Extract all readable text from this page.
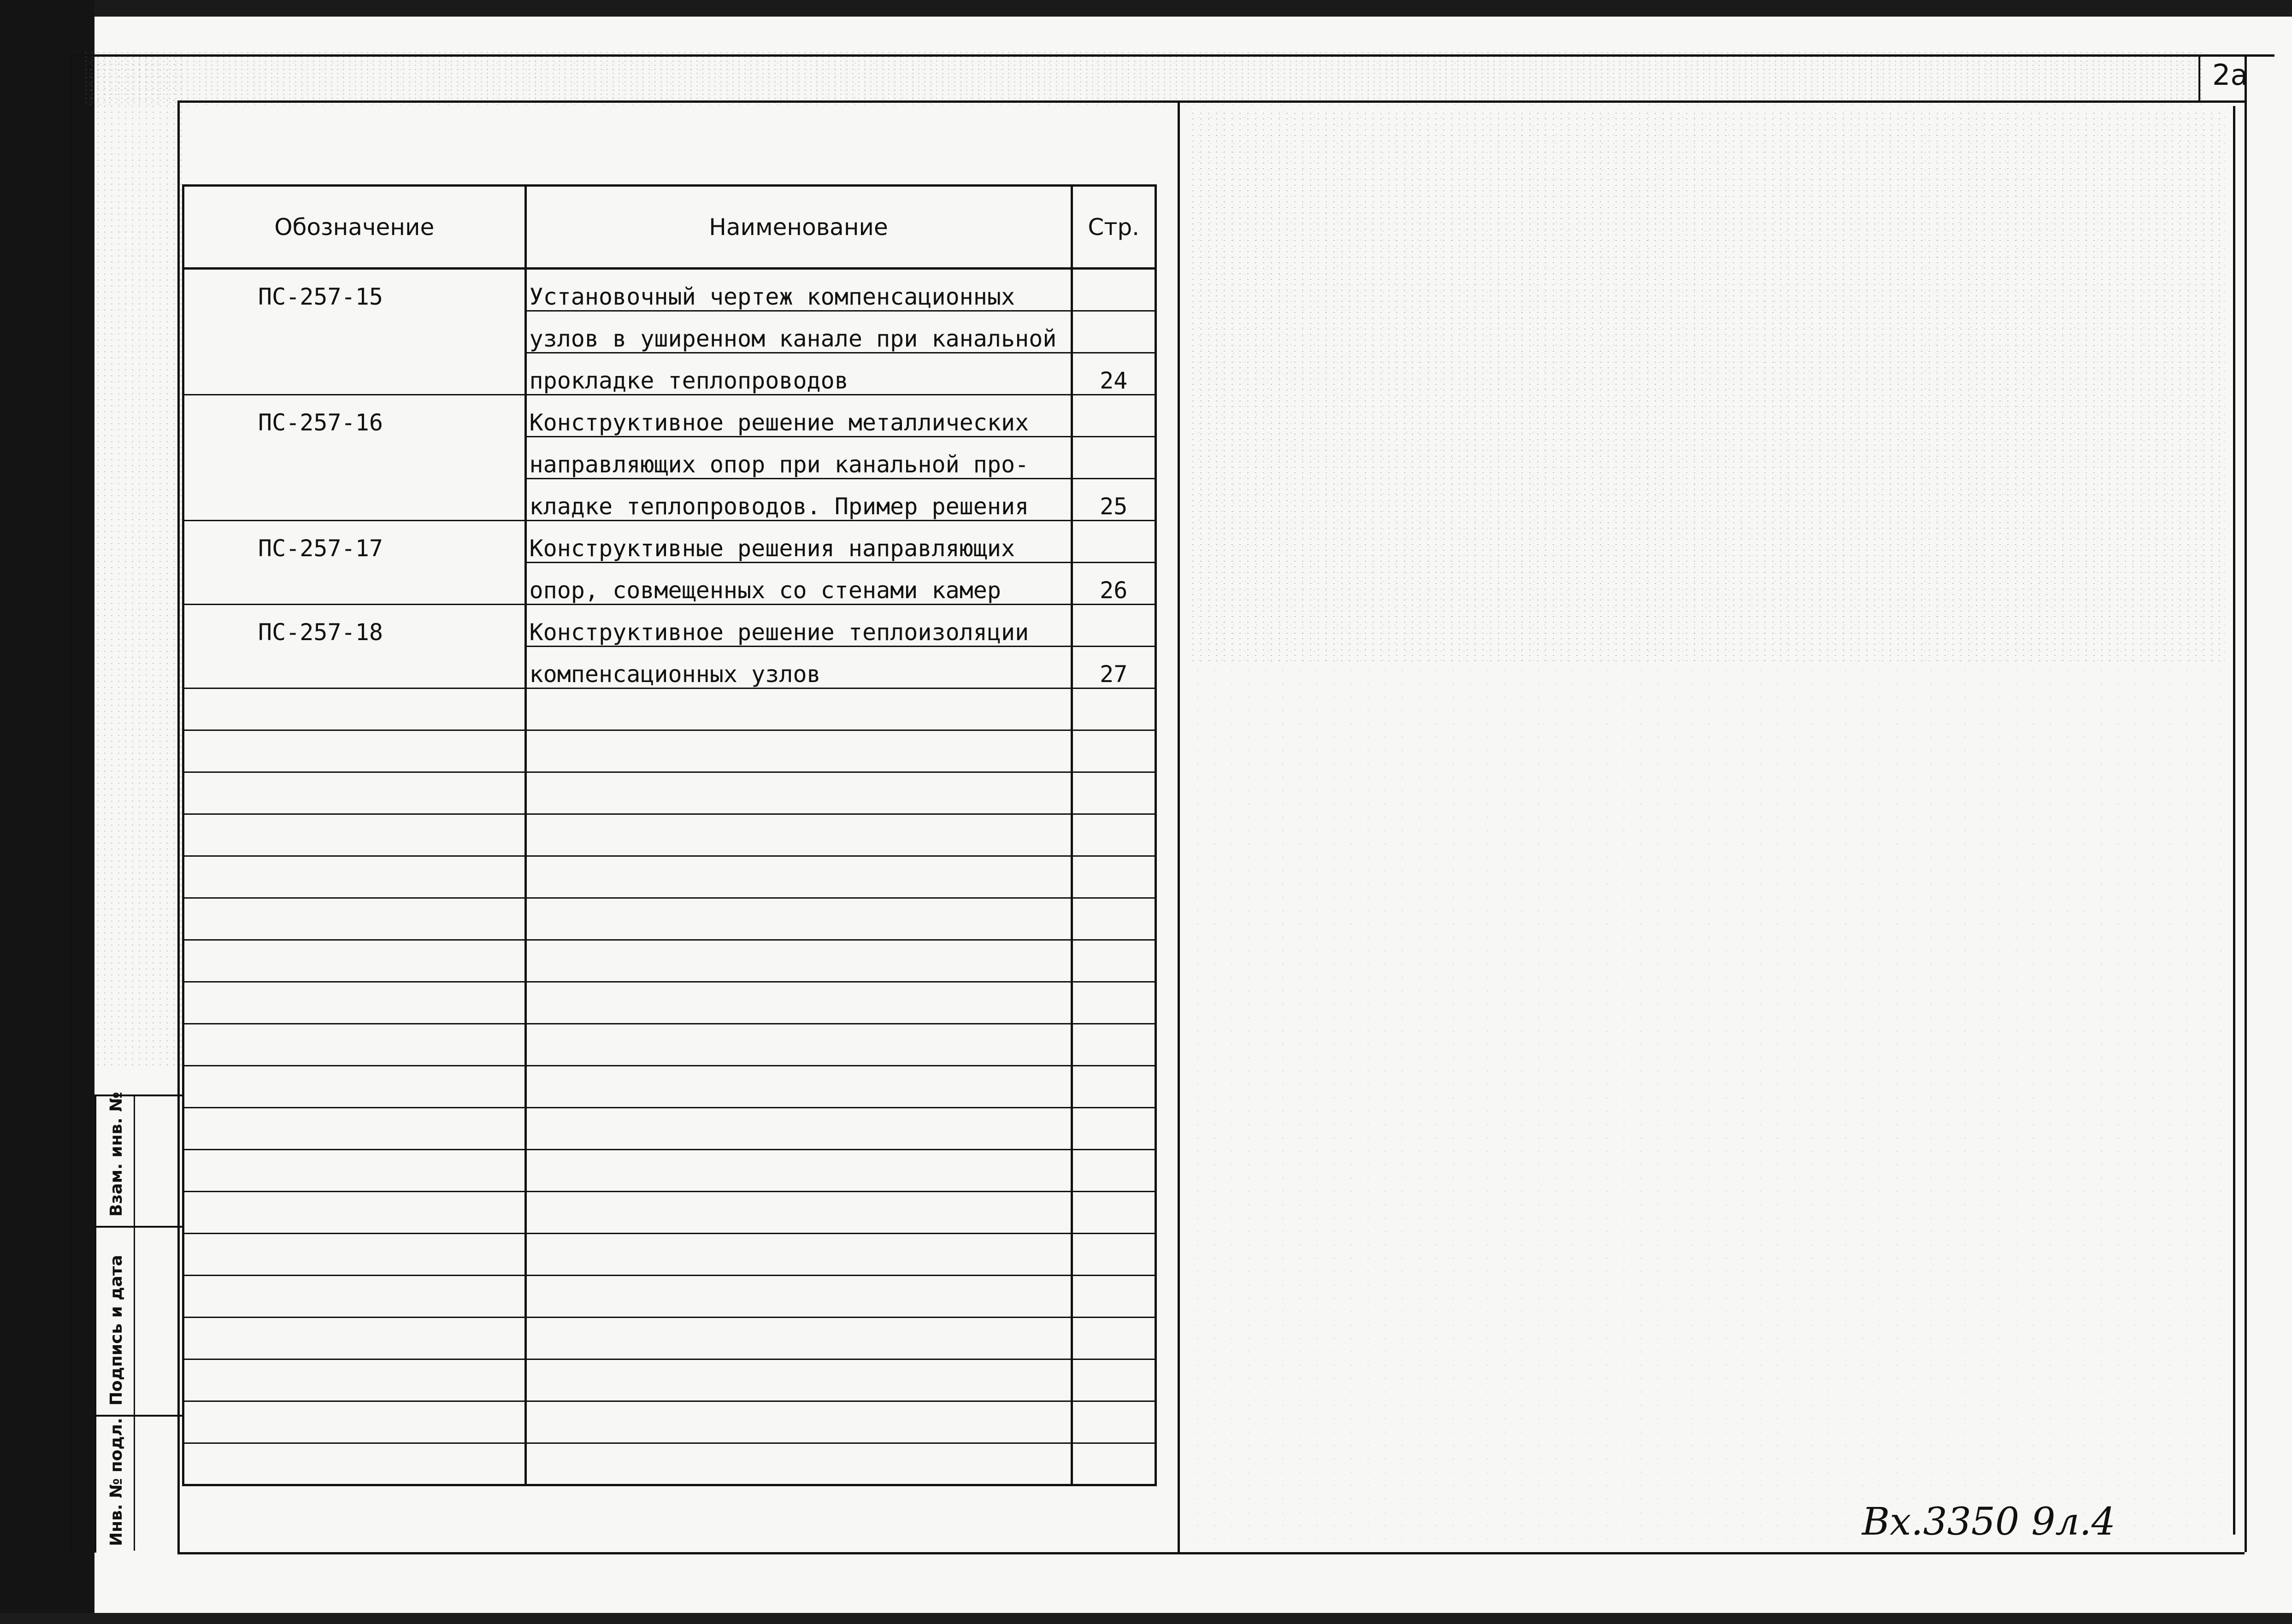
2а
Взам. инв. №
Подпись и дата
Инв. № подл.
Обозначение	Наименование	Стр.
ПС-257-15	Установочный чертеж компенсационных	
	узлов в уширенном канале при канальной	
	прокладке теплопроводов	24
ПС-257-16	Конструктивное решение металлических	
	направляющих опор при канальной про-	
	кладке теплопроводов. Пример решения	25
ПС-257-17	Конструктивные решения направляющих	
	опор, совмещенных со стенами камер	26
ПС-257-18	Конструктивное решение теплоизоляции	
	компенсационных узлов	27

Вх.3350 9л.4
